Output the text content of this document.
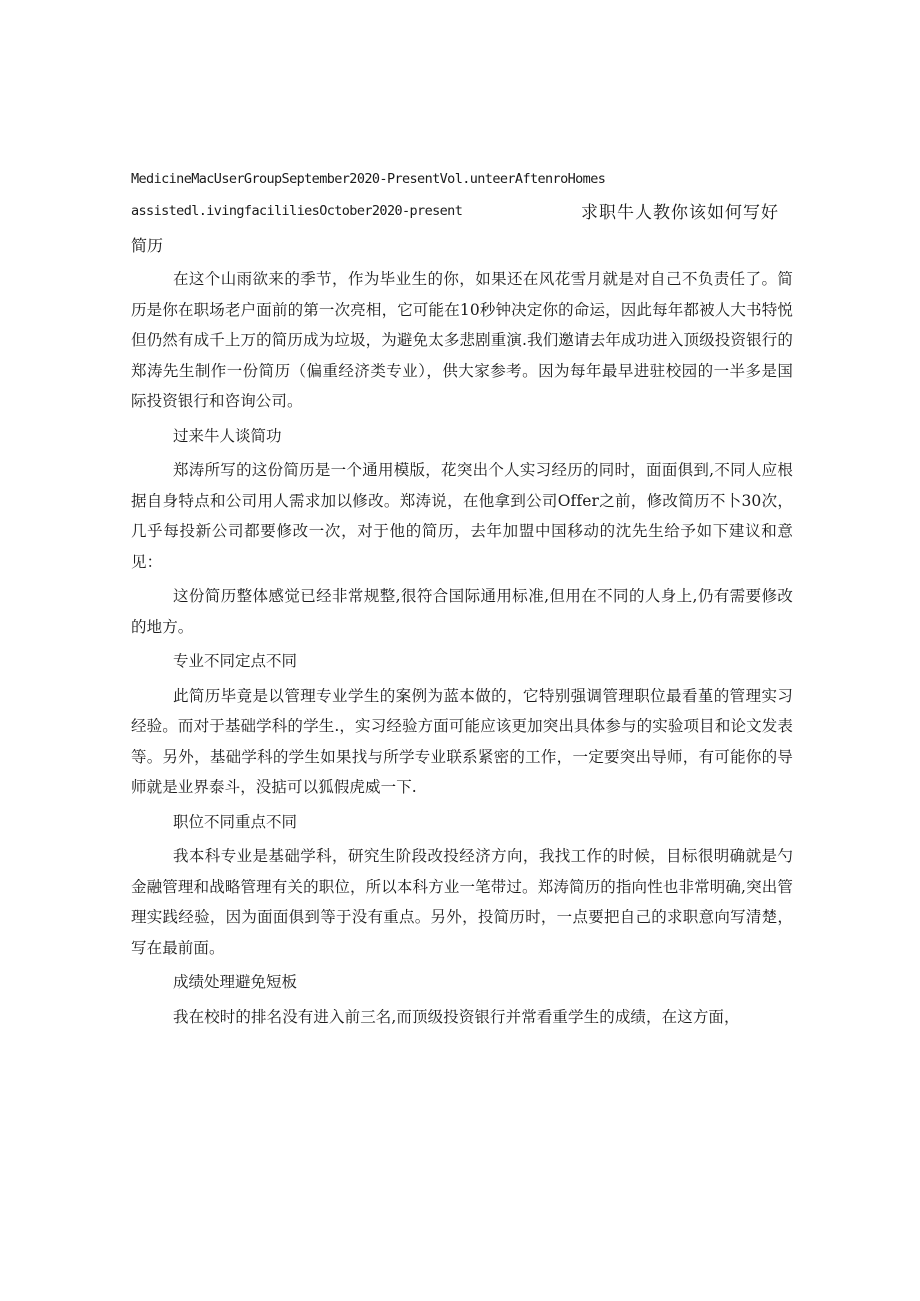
MedicineMacUserGroupSeptember2020-PresentVol.unteerAftenroHomes
assistedl.ivingfacililiesOctober2020-present	求职牛人教你该如何写好
简历

在这个山雨欲来的季节，作为毕业生的你，如果还在风花雪月就是对自己不负责任了。简历是你在职场老户面前的第一次亮相，它可能在10秒钟决定你的命运，因此每年都被人大书特悦但仍然有成千上万的简历成为垃圾，为避免太多悲剧重演.我们邀请去年成功进入顶级投资银行的郑涛先生制作一份简历（偏重经济类专业），供大家参考。因为每年最早进驻校园的一半多是国际投资银行和咨询公司。

过来牛人谈简功

郑涛所写的这份简历是一个通用模版，花突出个人实习经历的同时，面面俱到,不同人应根据自身特点和公司用人需求加以修改。郑涛说，在他拿到公司Offer之前，修改简历不卜30次，几乎每投新公司都要修改一次，对于他的简历，去年加盟中国移动的沈先生给予如下建议和意见：

这份简历整体感觉已经非常规整,很符合国际通用标准,但用在不同的人身上,仍有需要修改的地方。

专业不同定点不同

此简历毕竟是以管理专业学生的案例为蓝本做的，它特别强调管理职位最看堇的管理实习经验。而对于基础学科的学生.，实习经验方面可能应该更加突出具体参与的实验项目和论文发表等。另外，基础学科的学生如果找与所学专业联系紧密的工作，一定要突出导师，有可能你的导师就是业界泰斗，没掂可以狐假虎威一下.

职位不同重点不同

我本科专业是基础学科，研究生阶段改投经济方向，我找工作的时候，目标很明确就是勺金融管理和战略管理有关的职位，所以本科方业一笔带过。郑涛简历的指向性也非常明确,突出管理实践经验，因为面面俱到等于没有重点。另外，投简历时，一点要把自己的求职意向写清楚，写在最前面。

成绩处理避免短板

我在校时的排名没有进入前三名,而顶级投资银行并常看重学生的成绩，在这方面，
